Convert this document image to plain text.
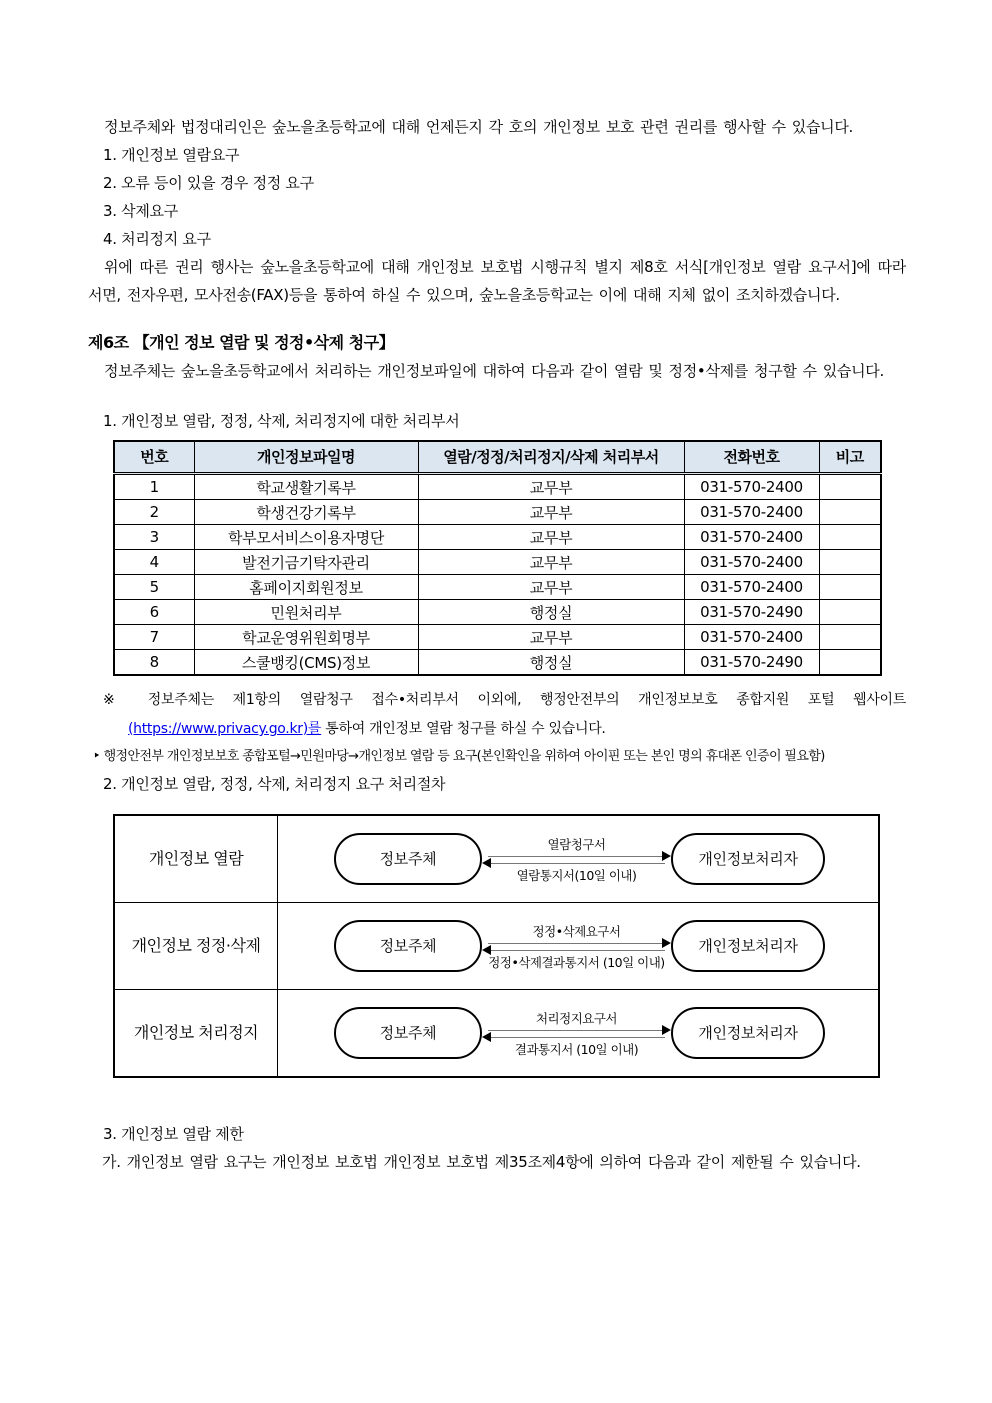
정보주체와 법정대리인은 숲노을초등학교에 대해 언제든지 각 호의 개인정보 보호 관련 권리를 행사할 수 있습니다.

1. 개인정보 열람요구
2. 오류 등이 있을 경우 정정 요구
3. 삭제요구
4. 처리정지 요구

위에 따른 권리 행사는 숲노을초등학교에 대해 개인정보 보호법 시행규칙 별지 제8호 서식[개인정보 열람 요구서]에 따라 서면, 전자우편, 모사전송(FAX)등을 통하여 하실 수 있으며, 숲노을초등학교는 이에 대해 지체 없이 조치하겠습니다.

제6조 【개인 정보 열람 및 정정•삭제 청구】

정보주체는 숲노을초등학교에서 처리하는 개인정보파일에 대하여 다음과 같이 열람 및 정정•삭제를 청구할 수 있습니다.

1. 개인정보 열람, 정정, 삭제, 처리정지에 대한 처리부서
번호	개인정보파일명	열람/정정/처리정지/삭제 처리부서	전화번호	비고
1	학교생활기록부	교무부	031-570-2400	
2	학생건강기록부	교무부	031-570-2400	
3	학부모서비스이용자명단	교무부	031-570-2400	
4	발전기금기탁자관리	교무부	031-570-2400	
5	홈페이지회원정보	교무부	031-570-2400	
6	민원처리부	행정실	031-570-2490	
7	학교운영위원회명부	교무부	031-570-2400	
8	스쿨뱅킹(CMS)정보	행정실	031-570-2490	
※ 정보주체는 제1항의 열람청구 접수•처리부서 이외에, 행정안전부의 개인정보보호 종합지원 포털 웹사이트(https://www.privacy.go.kr)를 통하여 개인정보 열람 청구를 하실 수 있습니다.
‣ 행정안전부 개인정보보호 종합포털→민원마당→개인정보 열람 등 요구(본인확인을 위하여 아이핀 또는 본인 명의 휴대폰 인증이 필요함)
2. 개인정보 열람, 정정, 삭제, 처리정지 요구 처리절차
개인정보 열람	정보주체
열람청구서
열람통지서(10일 이내)
개인정보처리자
개인정보 정정·삭제	정보주체
정정•삭제요구서
정정•삭제결과통지서 (10일 이내)
개인정보처리자
개인정보 처리정지	정보주체
처리정지요구서
결과통지서 (10일 이내)
개인정보처리자
3. 개인정보 열람 제한
가. 개인정보 열람 요구는 개인정보 보호법 개인정보 보호법 제35조제4항에 의하여 다음과 같이 제한될 수 있습니다.
